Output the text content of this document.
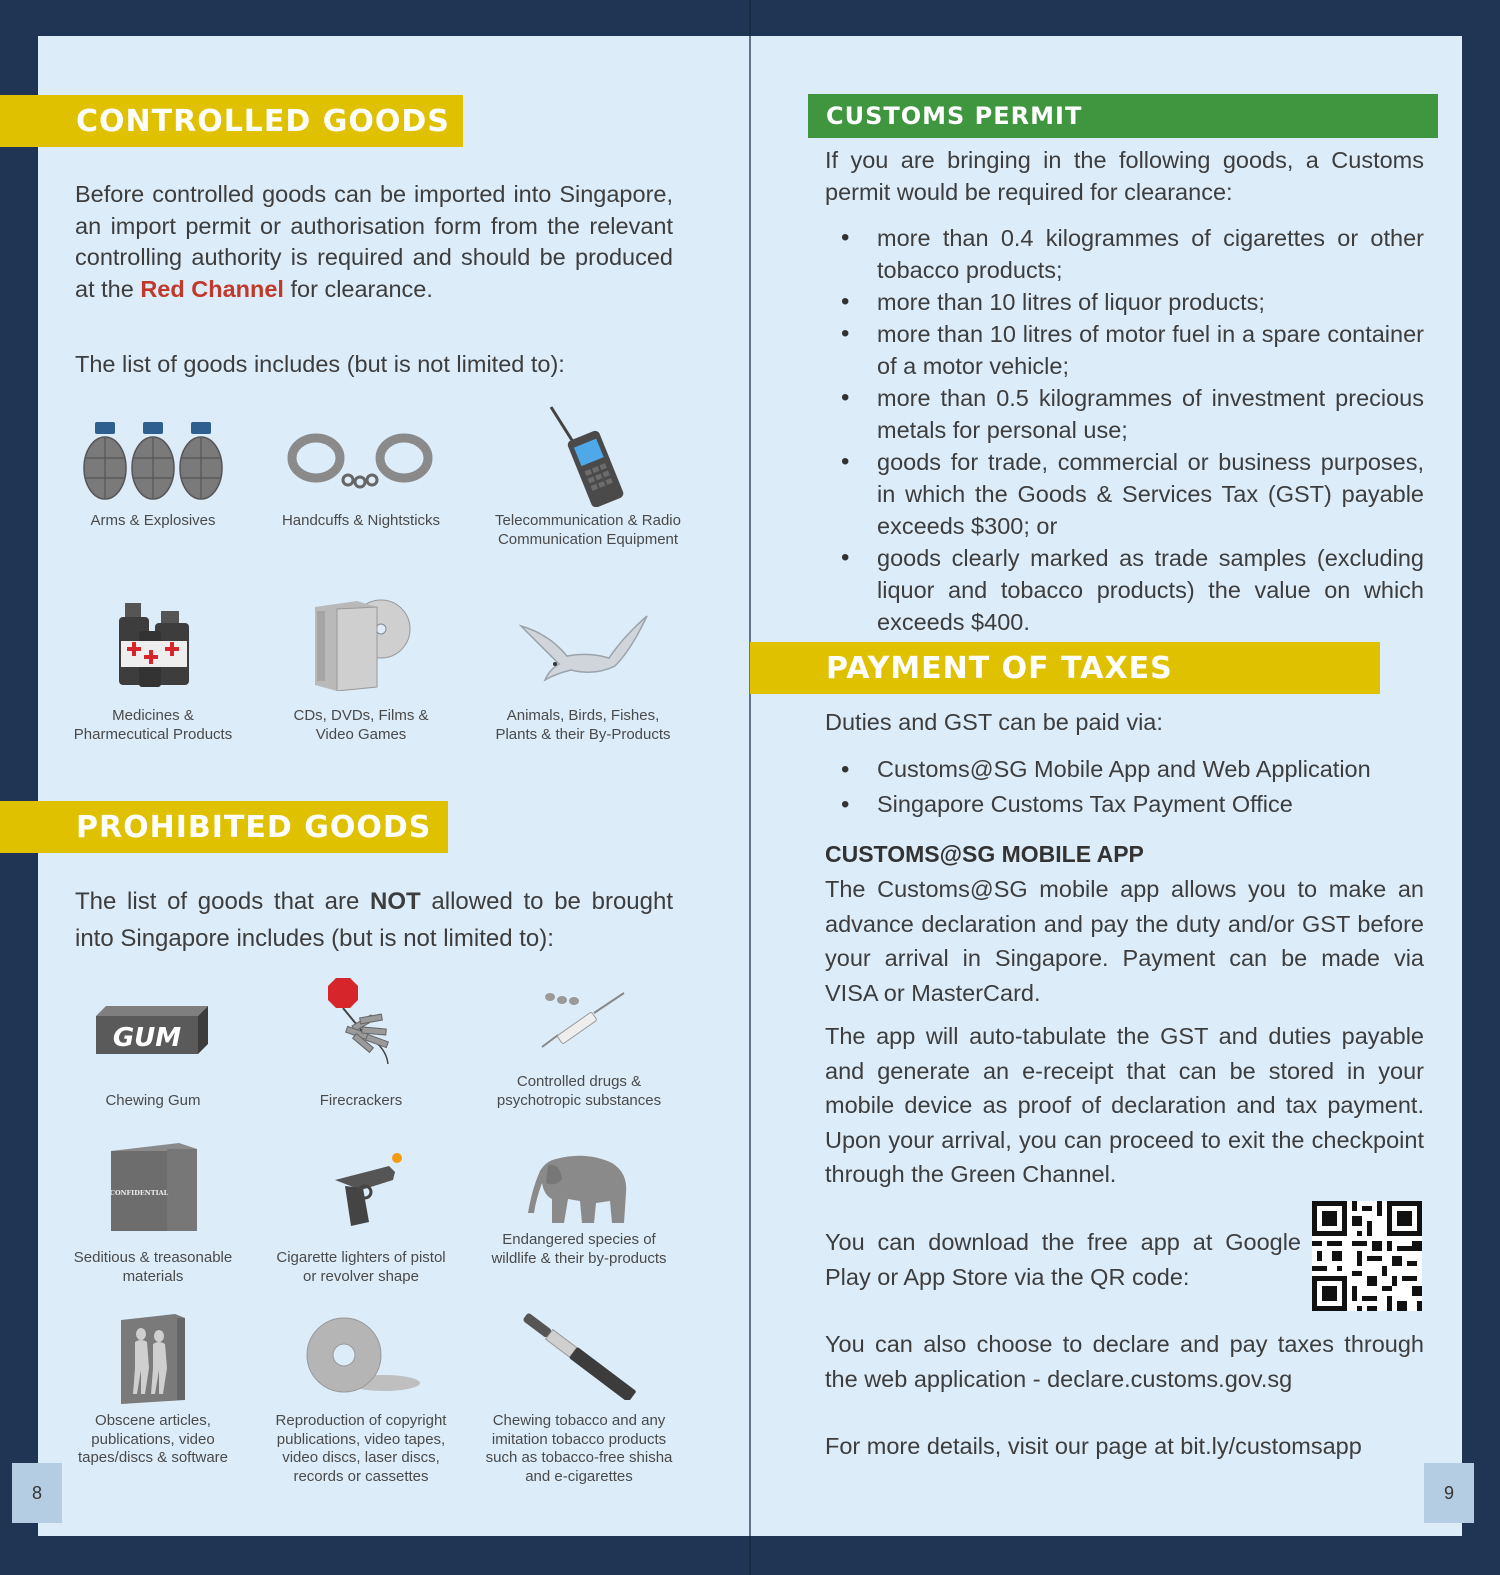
CONTROLLED GOODS
Before controlled goods can be imported into Singapore, an import permit or authorisation form from the relevant controlling authority is required and should be produced at the Red Channel for clearance.
The list of goods includes (but is not limited to):
Arms & Explosives	Handcuffs & Nightsticks	Telecommunication & Radio Communication Equipment
Medicines & Pharmecutical Products
CDs, DVDs, Films & Video Games
Animals, Birds, Fishes, Plants & their By-Products
PROHIBITED GOODS
The list of goods that are NOT allowed to be brought into Singapore includes (but is not limited to):
GUM
Chewing Gum	Firecrackers
Controlled drugs & psychotropic substances
CONFIDENTIAL
Seditious & treasonable materials
Cigarette lighters of pistol or revolver shape
Endangered species of wildlife & their by-products
Obscene articles, publications, video tapes/discs & software
Reproduction of copyright publications, video tapes, video discs, laser discs, records or cassettes
Chewing tobacco and any imitation tobacco products such as tobacco-free shisha and e-cigarettes
8
CUSTOMS PERMIT
If you are bringing in the following goods, a Customs permit would be required for clearance:
• more than 0.4 kilogrammes of cigarettes or other tobacco products;
• more than 10 litres of liquor products;
• more than 10 litres of motor fuel in a spare container of a motor vehicle;
• more than 0.5 kilogrammes of investment precious metals for personal use;
• goods for trade, commercial or business purposes, in which the Goods & Services Tax (GST) payable exceeds $300; or
• goods clearly marked as trade samples (excluding liquor and tobacco products) the value on which exceeds $400.
PAYMENT OF TAXES
Duties and GST can be paid via:
• Customs@SG Mobile App and Web Application
• Singapore Customs Tax Payment Office
CUSTOMS@SG MOBILE APP
The Customs@SG mobile app allows you to make an advance declaration and pay the duty and/or GST before your arrival in Singapore. Payment can be made via VISA or MasterCard.
The app will auto-tabulate the GST and duties payable and generate an e-receipt that can be stored in your mobile device as proof of declaration and tax payment. Upon your arrival, you can proceed to exit the checkpoint through the Green Channel.
You can download the free app at Google Play or App Store via the QR code:
You can also choose to declare and pay taxes through the web application - declare.customs.gov.sg
For more details, visit our page at bit.ly/customsapp
9
